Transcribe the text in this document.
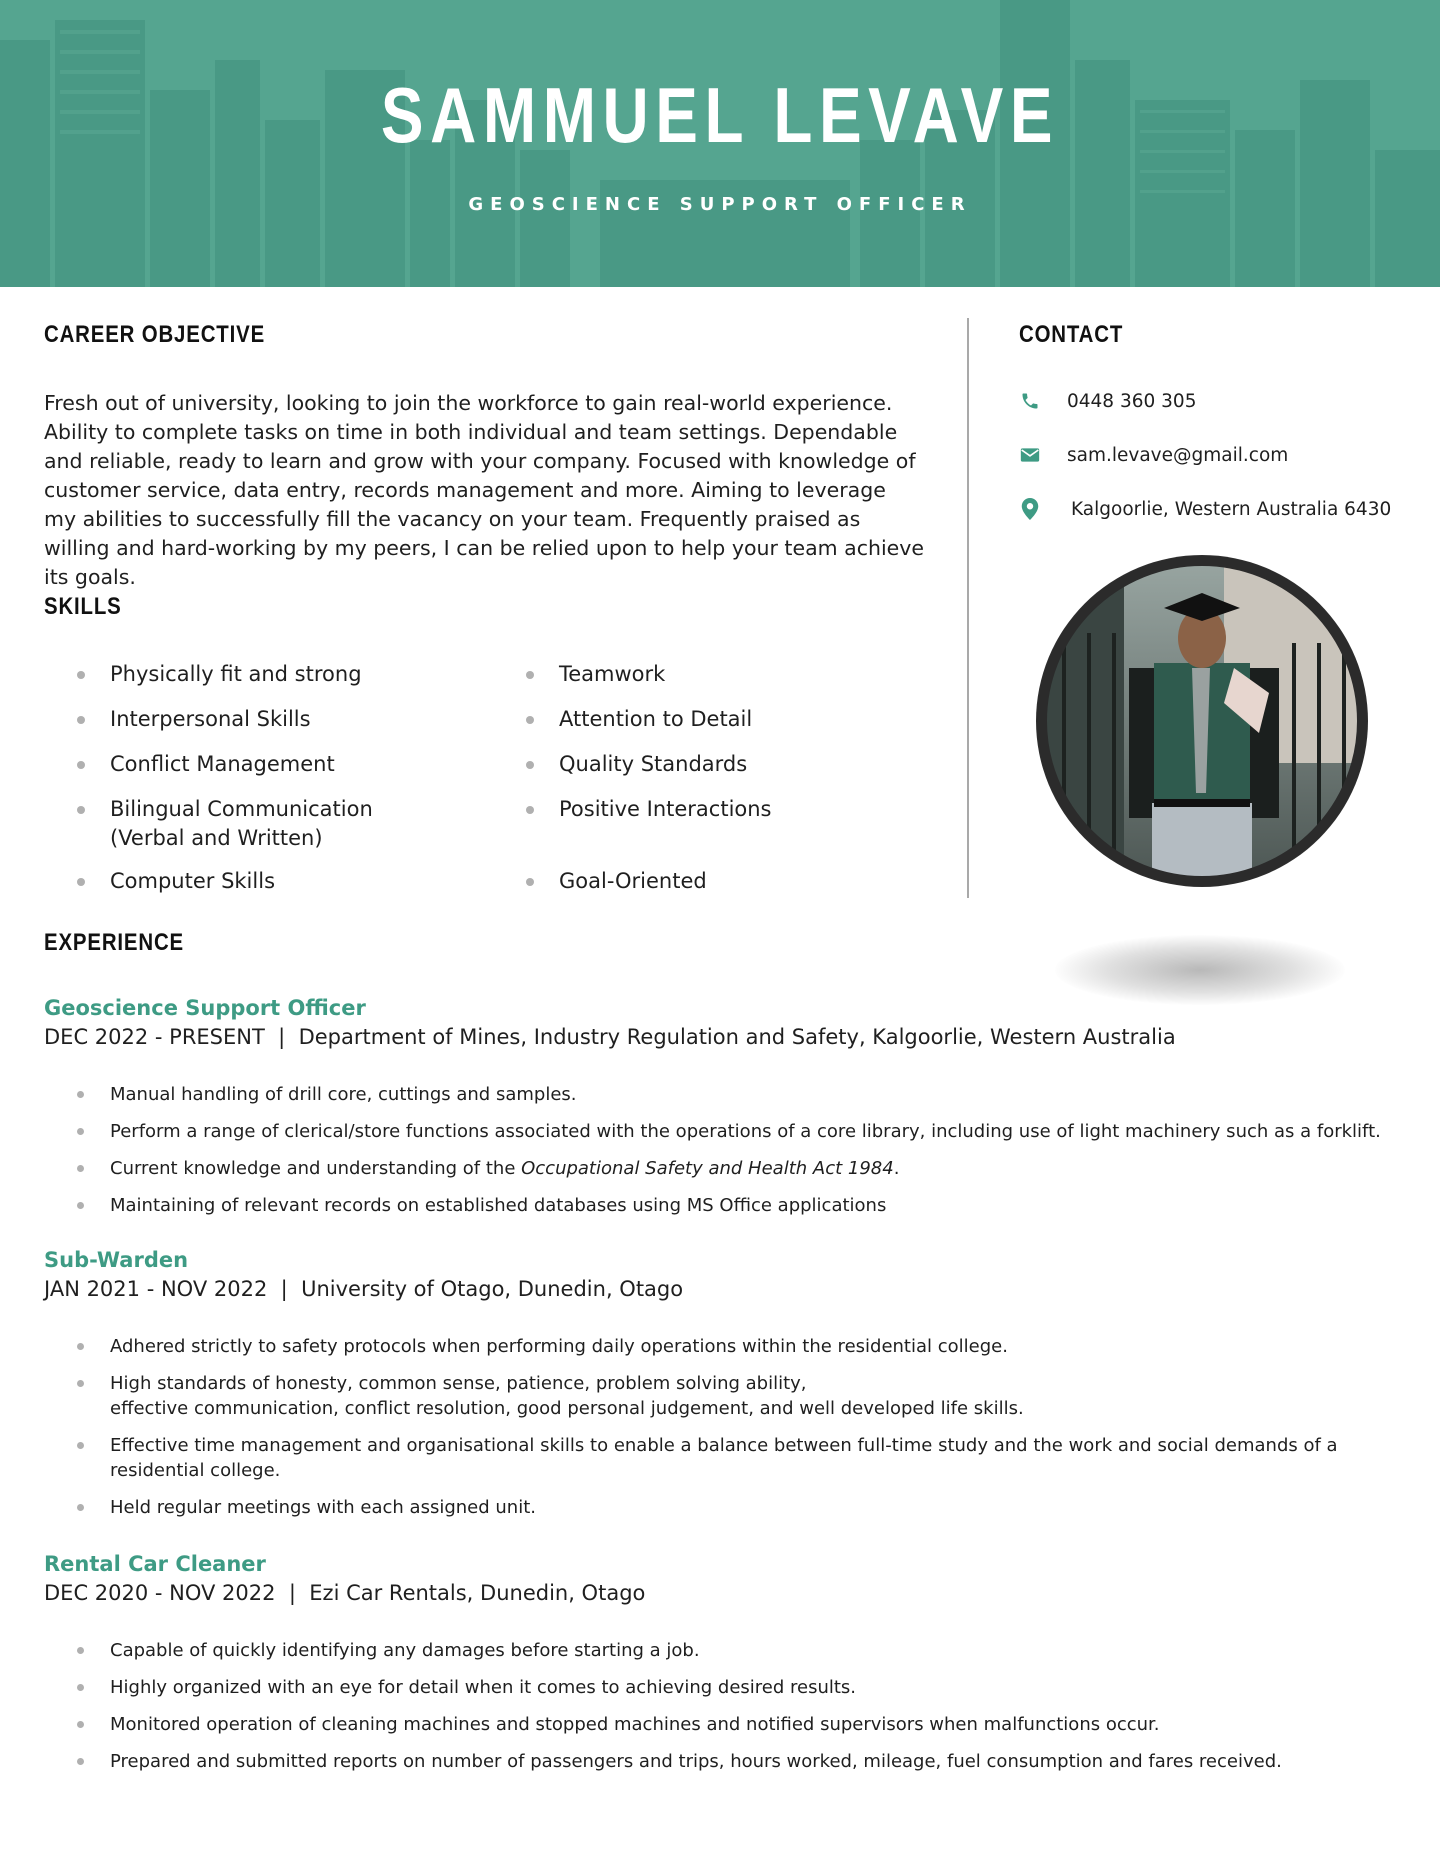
SAMMUEL LEVAVE
GEOSCIENCE SUPPORT OFFICER
CAREER OBJECTIVE

Fresh out of university, looking to join the workforce to gain real-world experience. Ability to complete tasks on time in both individual and team settings. Dependable and reliable, ready to learn and grow with your company. Focused with knowledge of customer service, data entry, records management and more. Aiming to leverage my abilities to successfully fill the vacancy on your team. Frequently praised as willing and hard-working by my peers, I can be relied upon to help your team achieve its goals.

SKILLS
Physically fit and strong
Interpersonal Skills
Conflict Management
Bilingual Communication (Verbal and Written)
Computer Skills
Teamwork
Attention to Detail
Quality Standards
Positive Interactions
Goal-Oriented
CONTACT
0448 360 305
sam.levave@gmail.com
Kalgoorlie, Western Australia 6430
EXPERIENCE
Geoscience Support Officer
DEC 2022 - PRESENT  |  Department of Mines, Industry Regulation and Safety, Kalgoorlie, Western Australia
Manual handling of drill core, cuttings and samples.
Perform a range of clerical/store functions associated with the operations of a core library, including use of light machinery such as a forklift.
Current knowledge and understanding of the Occupational Safety and Health Act 1984.
Maintaining of relevant records on established databases using MS Office applications
Sub-Warden
JAN 2021 - NOV 2022  |  University of Otago, Dunedin, Otago
Adhered strictly to safety protocols when performing daily operations within the residential college.
High standards of honesty, common sense, patience, problem solving ability,
effective communication, conflict resolution, good personal judgement, and well developed life skills.
Effective time management and organisational skills to enable a balance between full-time study and the work and social demands of a residential college.
Held regular meetings with each assigned unit.
Rental Car Cleaner
DEC 2020 - NOV 2022  |  Ezi Car Rentals, Dunedin, Otago
Capable of quickly identifying any damages before starting a job.
Highly organized with an eye for detail when it comes to achieving desired results.
Monitored operation of cleaning machines and stopped machines and notified supervisors when malfunctions occur.
Prepared and submitted reports on number of passengers and trips, hours worked, mileage, fuel consumption and fares received.
